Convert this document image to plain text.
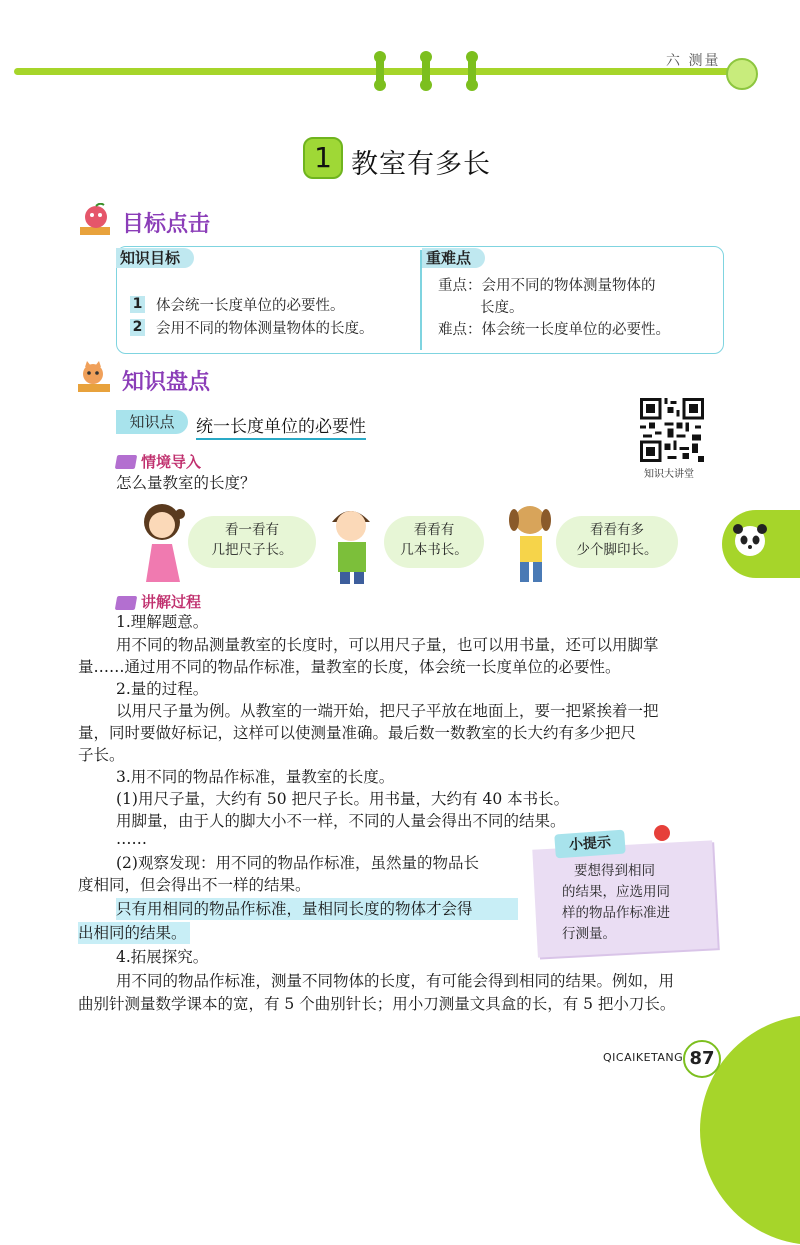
六 测量
1 教室有多长
目标点击
知识目标
1 体会统一长度单位的必要性。
2 会用不同的物体测量物体的长度。
重难点
重点：会用不同的物体测量物体的
长度。
难点：体会统一长度单位的必要性。
知识盘点
知识点	统一长度单位的必要性
知识大讲堂
情境导入
怎么量教室的长度？
看一看有
几把尺子长。
看看有
几本书长。
看看有多
少个脚印长。
讲解过程
1.理解题意。
用不同的物品测量教室的长度时，可以用尺子量，也可以用书量，还可以用脚掌
量……通过用不同的物品作标准，量教室的长度，体会统一长度单位的必要性。
2.量的过程。
以用尺子量为例。从教室的一端开始，把尺子平放在地面上，要一把紧挨着一把
量，同时要做好标记，这样可以使测量准确。最后数一数教室的长大约有多少把尺
子长。
3.用不同的物品作标准，量教室的长度。
(1)用尺子量，大约有 50 把尺子长。用书量，大约有 40 本书长。
用脚量，由于人的脚大小不一样，不同的人量会得出不同的结果。
……
(2)观察发现：用不同的物品作标准，虽然量的物品长
度相同，但会得出不一样的结果。
只有用相同的物品作标准，量相同长度的物体才会得
出相同的结果。
4.拓展探究。
用不同的物品作标准，测量不同物体的长度，有可能会得到相同的结果。例如，用
曲别针测量数学课本的宽，有 5 个曲别针长；用小刀测量文具盒的长，有 5 把小刀长。
小提示
要想得到相同
的结果，应选用同
样的物品作标准进
行测量。
QICAIKETANG 87
